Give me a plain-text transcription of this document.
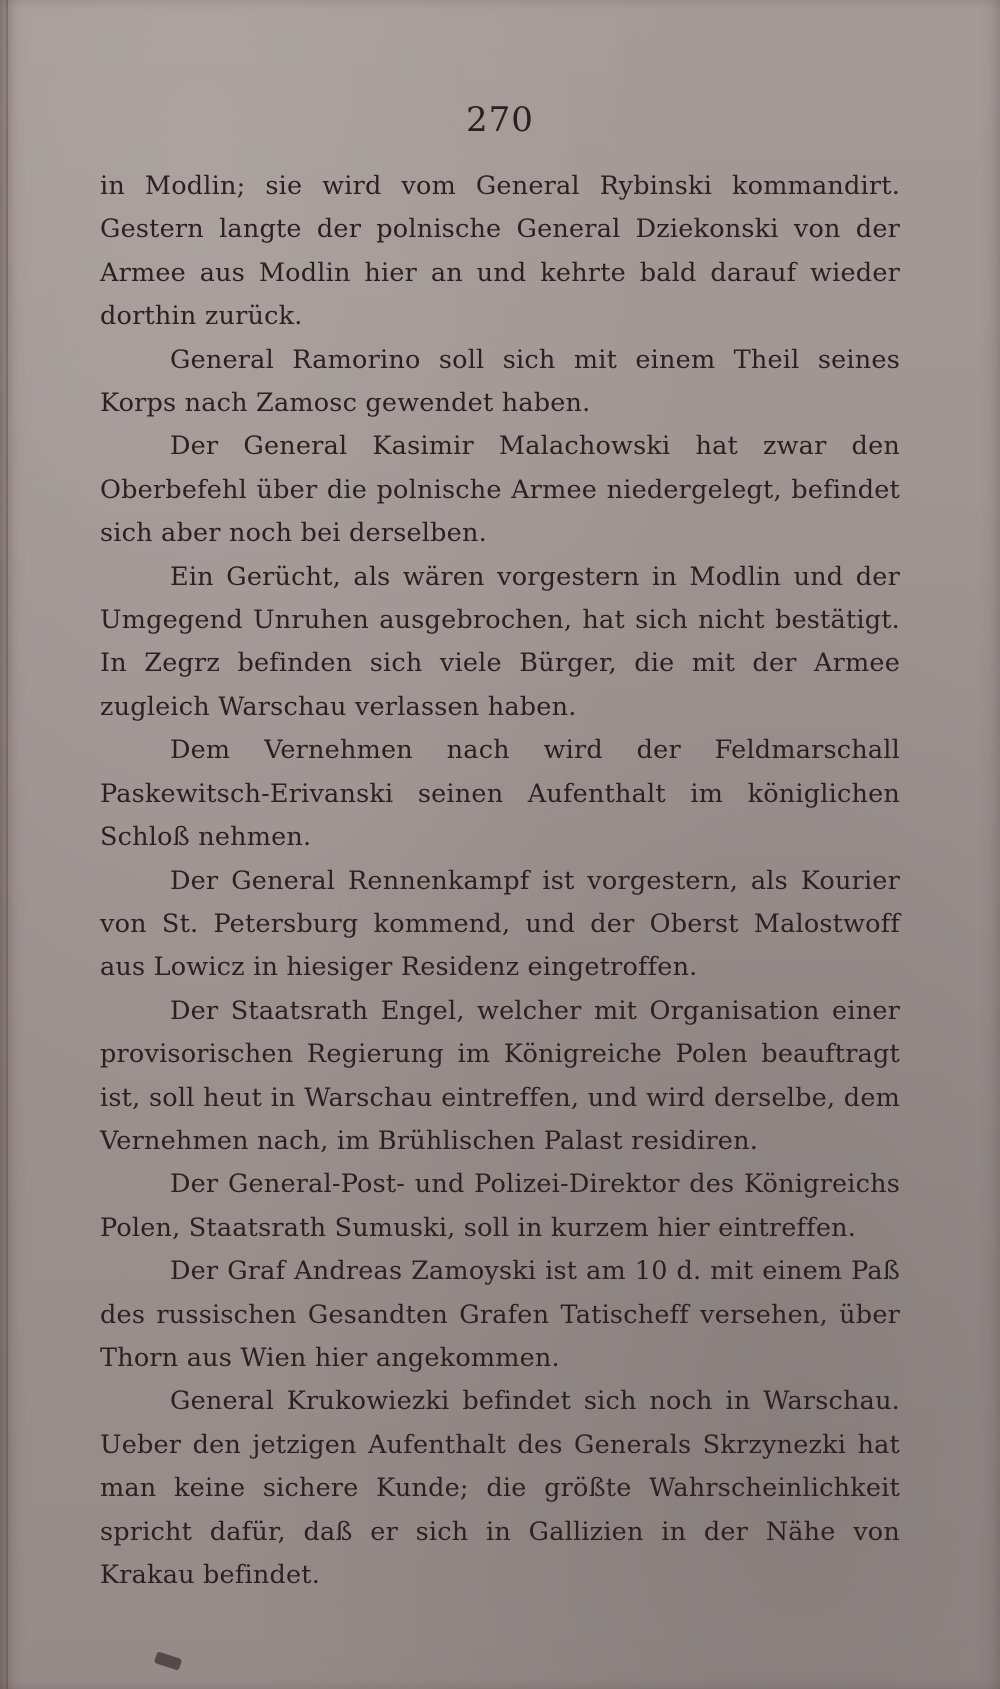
270

in Modlin; sie wird vom General Rybinski kommandirt. Gestern langte der polnische General Dziekonski von der Armee aus Modlin hier an und kehrte bald darauf wieder dorthin zurück.

General Ramorino soll sich mit einem Theil seines Korps nach Zamosc gewendet haben.

Der General Kasimir Malachowski hat zwar den Oberbefehl über die polnische Armee niedergelegt, befindet sich aber noch bei derselben.

Ein Gerücht, als wären vorgestern in Modlin und der Umgegend Unruhen ausgebrochen, hat sich nicht bestätigt. In Zegrz befinden sich viele Bürger, die mit der Armee zugleich Warschau verlassen haben.

Dem Vernehmen nach wird der Feldmarschall Paskewitsch-Erivanski seinen Aufenthalt im königlichen Schloß nehmen.

Der General Rennenkampf ist vorgestern, als Kourier von St. Petersburg kommend, und der Oberst Malostwoff aus Lowicz in hiesiger Residenz eingetroffen.

Der Staatsrath Engel, welcher mit Organisation einer provisorischen Regierung im Königreiche Polen beauftragt ist, soll heut in Warschau eintreffen, und wird derselbe, dem Vernehmen nach, im Brühlischen Palast residiren.

Der General-Post- und Polizei-Direktor des Königreichs Polen, Staatsrath Sumuski, soll in kurzem hier eintreffen.

Der Graf Andreas Zamoyski ist am 10 d. mit einem Paß des russischen Gesandten Grafen Tatischeff versehen, über Thorn aus Wien hier angekommen.

General Krukowiezki befindet sich noch in Warschau. Ueber den jetzigen Aufenthalt des Generals Skrzynezki hat man keine sichere Kunde; die größte Wahrscheinlichkeit spricht dafür, daß er sich in Gallizien in der Nähe von Krakau befindet.
